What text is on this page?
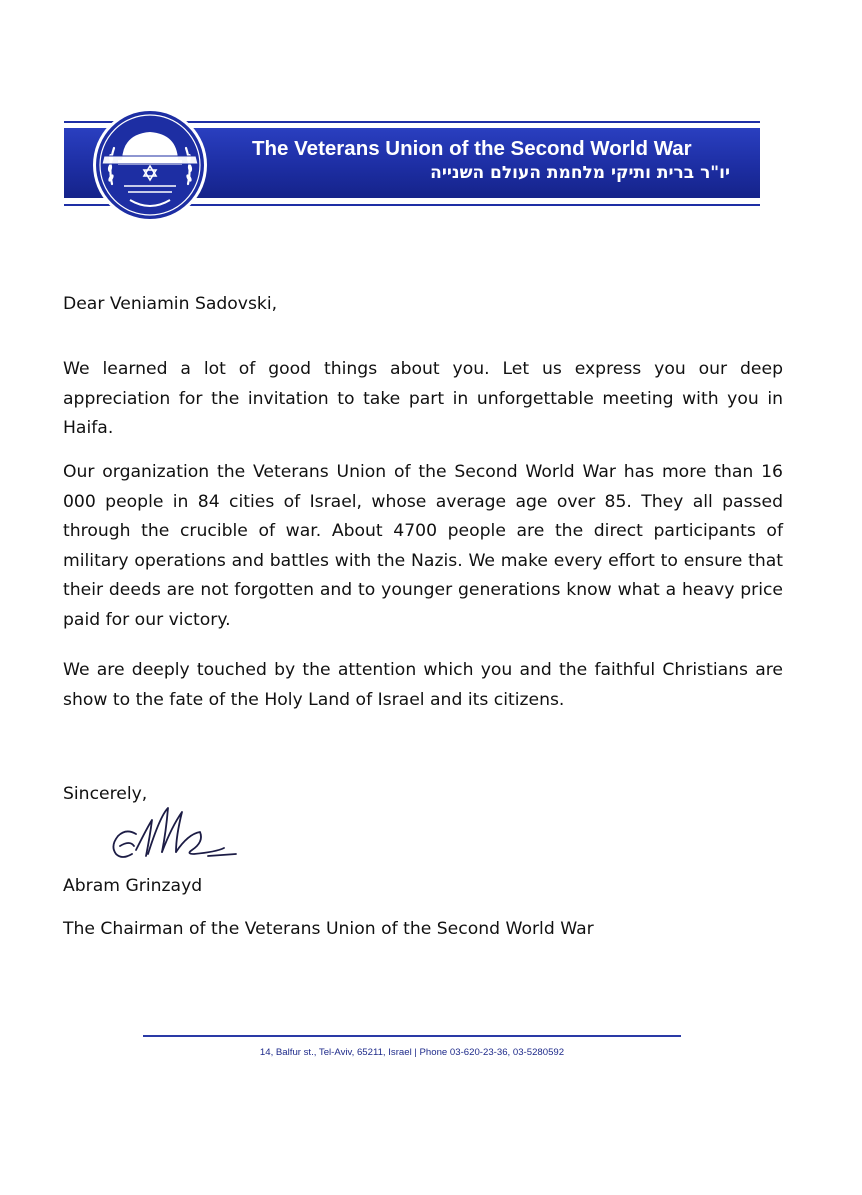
The Veterans Union of the Second World War
יו"ר ברית ותיקי מלחמת העולם השנייה
Dear Veniamin Sadovski,
We learned a lot of good things about you. Let us express you our deep appreciation for the invitation to take part in unforgettable meeting with you in Haifa.
Our organization the Veterans Union of the Second World War has more than 16 000 people in 84 cities of Israel, whose average age over 85. They all passed through the crucible of war. About 4700 people are the direct participants of military operations and battles with the Nazis. We make every effort to ensure that their deeds are not forgotten and to younger generations know what a heavy price paid for our victory.
We are deeply touched by the attention which you and the faithful Christians are show to the fate of the Holy Land of Israel and its citizens.
Sincerely,
Abram Grinzayd
The Chairman of the Veterans Union of the Second World War
14, Balfur st., Tel-Aviv, 65211, Israel | Phone 03-620-23-36, 03-5280592
